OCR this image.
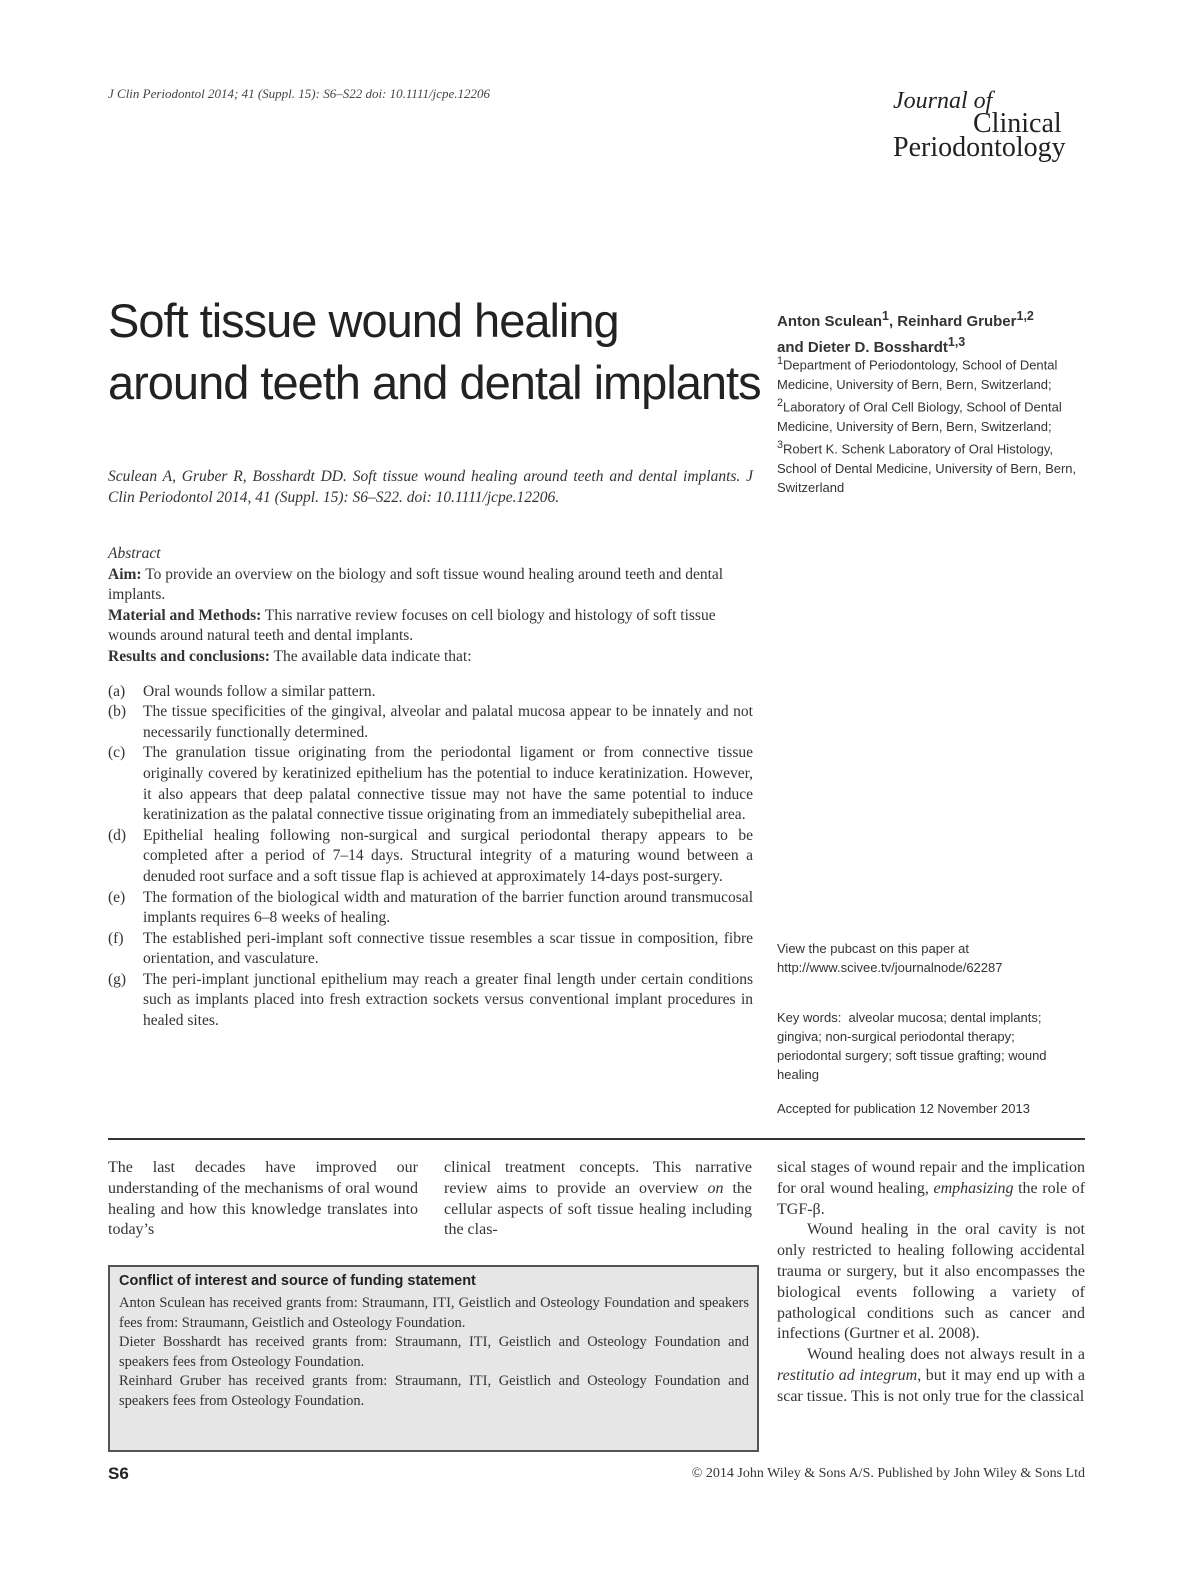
J Clin Periodontol 2014; 41 (Suppl. 15): S6–S22 doi: 10.1111/jcpe.12206	Journal of
Clinical
Periodontology
Soft tissue wound healing
around teeth and dental implants
Anton Sculean$^1$, Reinhard Gruber$^{1,2}$
and Dieter D. Bosshardt$^{1,3}$
$^1$Department of Periodontology, School of Dental Medicine, University of Bern, Bern, Switzerland; $^2$Laboratory of Oral Cell Biology, School of Dental Medicine, University of Bern, Bern, Switzerland; $^3$Robert K. Schenk Laboratory of Oral Histology, School of Dental Medicine, University of Bern, Bern, Switzerland
View the pubcast on this paper at http://www.scivee.tv/journalnode/62287
Key words: alveolar mucosa; dental implants; gingiva; non-surgical periodontal therapy; periodontal surgery; soft tissue grafting; wound healing
Accepted for publication 12 November 2013
Sculean A, Gruber R, Bosshardt DD. Soft tissue wound healing around teeth and dental implants. J Clin Periodontol 2014, 41 (Suppl. 15): S6–S22. doi: 10.1111/jcpe.12206.

Abstract

Aim: To provide an overview on the biology and soft tissue wound healing around teeth and dental implants.

Material and Methods: This narrative review focuses on cell biology and histology of soft tissue wounds around natural teeth and dental implants.

Results and conclusions: The available data indicate that:

(a) Oral wounds follow a similar pattern.
(b) The tissue specificities of the gingival, alveolar and palatal mucosa appear to be innately and not necessarily functionally determined.
(c) The granulation tissue originating from the periodontal ligament or from connective tissue originally covered by keratinized epithelium has the potential to induce keratinization. However, it also appears that deep palatal connective tissue may not have the same potential to induce keratinization as the palatal connective tissue originating from an immediately subepithelial area.
(d) Epithelial healing following non-surgical and surgical periodontal therapy appears to be completed after a period of 7–14 days. Structural integrity of a maturing wound between a denuded root surface and a soft tissue flap is achieved at approximately 14-days post-surgery.
(e) The formation of the biological width and maturation of the barrier function around transmucosal implants requires 6–8 weeks of healing.
(f) The established peri-implant soft connective tissue resembles a scar tissue in composition, fibre orientation, and vasculature.
(g) The peri-implant junctional epithelium may reach a greater final length under certain conditions such as implants placed into fresh extraction sockets versus conventional implant procedures in healed sites.
The last decades have improved our understanding of the mechanisms of oral wound healing and how this knowledge translates into today’s
clinical treatment concepts. This narrative review aims to provide an overview on the cellular aspects of soft tissue healing including the clas-

sical stages of wound repair and the implication for oral wound healing, emphasizing the role of TGF-β.

Wound healing in the oral cavity is not only restricted to healing following accidental trauma or surgery, but it also encompasses the biological events following a variety of pathological conditions such as cancer and infections (Gurtner et al. 2008).

Wound healing does not always result in a restitutio ad integrum, but it may end up with a scar tissue. This is not only true for the classical

Conflict of interest and source of funding statement

Anton Sculean has received grants from: Straumann, ITI, Geistlich and Osteology Foundation and speakers fees from: Straumann, Geistlich and Osteology Foundation.

Dieter Bosshardt has received grants from: Straumann, ITI, Geistlich and Osteology Foundation and speakers fees from Osteology Foundation.

Reinhard Gruber has received grants from: Straumann, ITI, Geistlich and Osteology Foundation and speakers fees from Osteology Foundation.

S6	© 2014 John Wiley & Sons A/S. Published by John Wiley & Sons Ltd
